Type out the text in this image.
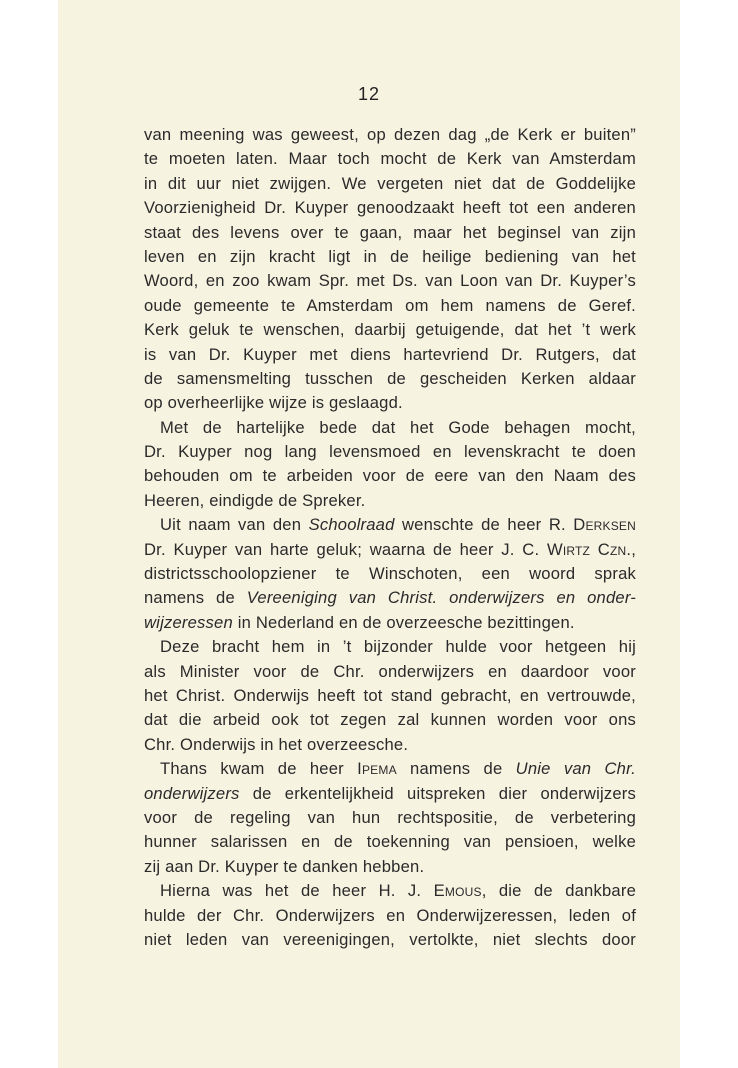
12
van meening was geweest, op dezen dag „de Kerk er buiten”
te moeten laten. Maar toch mocht de Kerk van Amsterdam
in dit uur niet zwijgen. We vergeten niet dat de Goddelijke
Voorzienigheid Dr. Kuyper genoodzaakt heeft tot een anderen
staat des levens over te gaan, maar het beginsel van zijn
leven en zijn kracht ligt in de heilige bediening van het
Woord, en zoo kwam Spr. met Ds. van Loon van Dr. Kuyper’s
oude gemeente te Amsterdam om hem namens de Geref.
Kerk geluk te wenschen, daarbij getuigende, dat het ’t werk
is van Dr. Kuyper met diens hartevriend Dr. Rutgers, dat
de samensmelting tusschen de gescheiden Kerken aldaar
op overheerlijke wijze is geslaagd.
Met de hartelijke bede dat het Gode behagen mocht,
Dr. Kuyper nog lang levensmoed en levenskracht te doen
behouden om te arbeiden voor de eere van den Naam des
Heeren, eindigde de Spreker.
Uit naam van den Schoolraad wenschte de heer R. Derksen
Dr. Kuyper van harte geluk; waarna de heer J. C. Wirtz Czn.,
districtsschoolopziener te Winschoten, een woord sprak
namens de Vereeniging van Christ. onderwijzers en onder-
wijzeressen in Nederland en de overzeesche bezittingen.
Deze bracht hem in ’t bijzonder hulde voor hetgeen hij
als Minister voor de Chr. onderwijzers en daardoor voor
het Christ. Onderwijs heeft tot stand gebracht, en vertrouwde,
dat die arbeid ook tot zegen zal kunnen worden voor ons
Chr. Onderwijs in het overzeesche.
Thans kwam de heer Ipema namens de Unie van Chr.
onderwijzers de erkentelijkheid uitspreken dier onderwijzers
voor de regeling van hun rechtspositie, de verbetering
hunner salarissen en de toekenning van pensioen, welke
zij aan Dr. Kuyper te danken hebben.
Hierna was het de heer H. J. Emous, die de dankbare
hulde der Chr. Onderwijzers en Onderwijzeressen, leden of
niet leden van vereenigingen, vertolkte, niet slechts door
